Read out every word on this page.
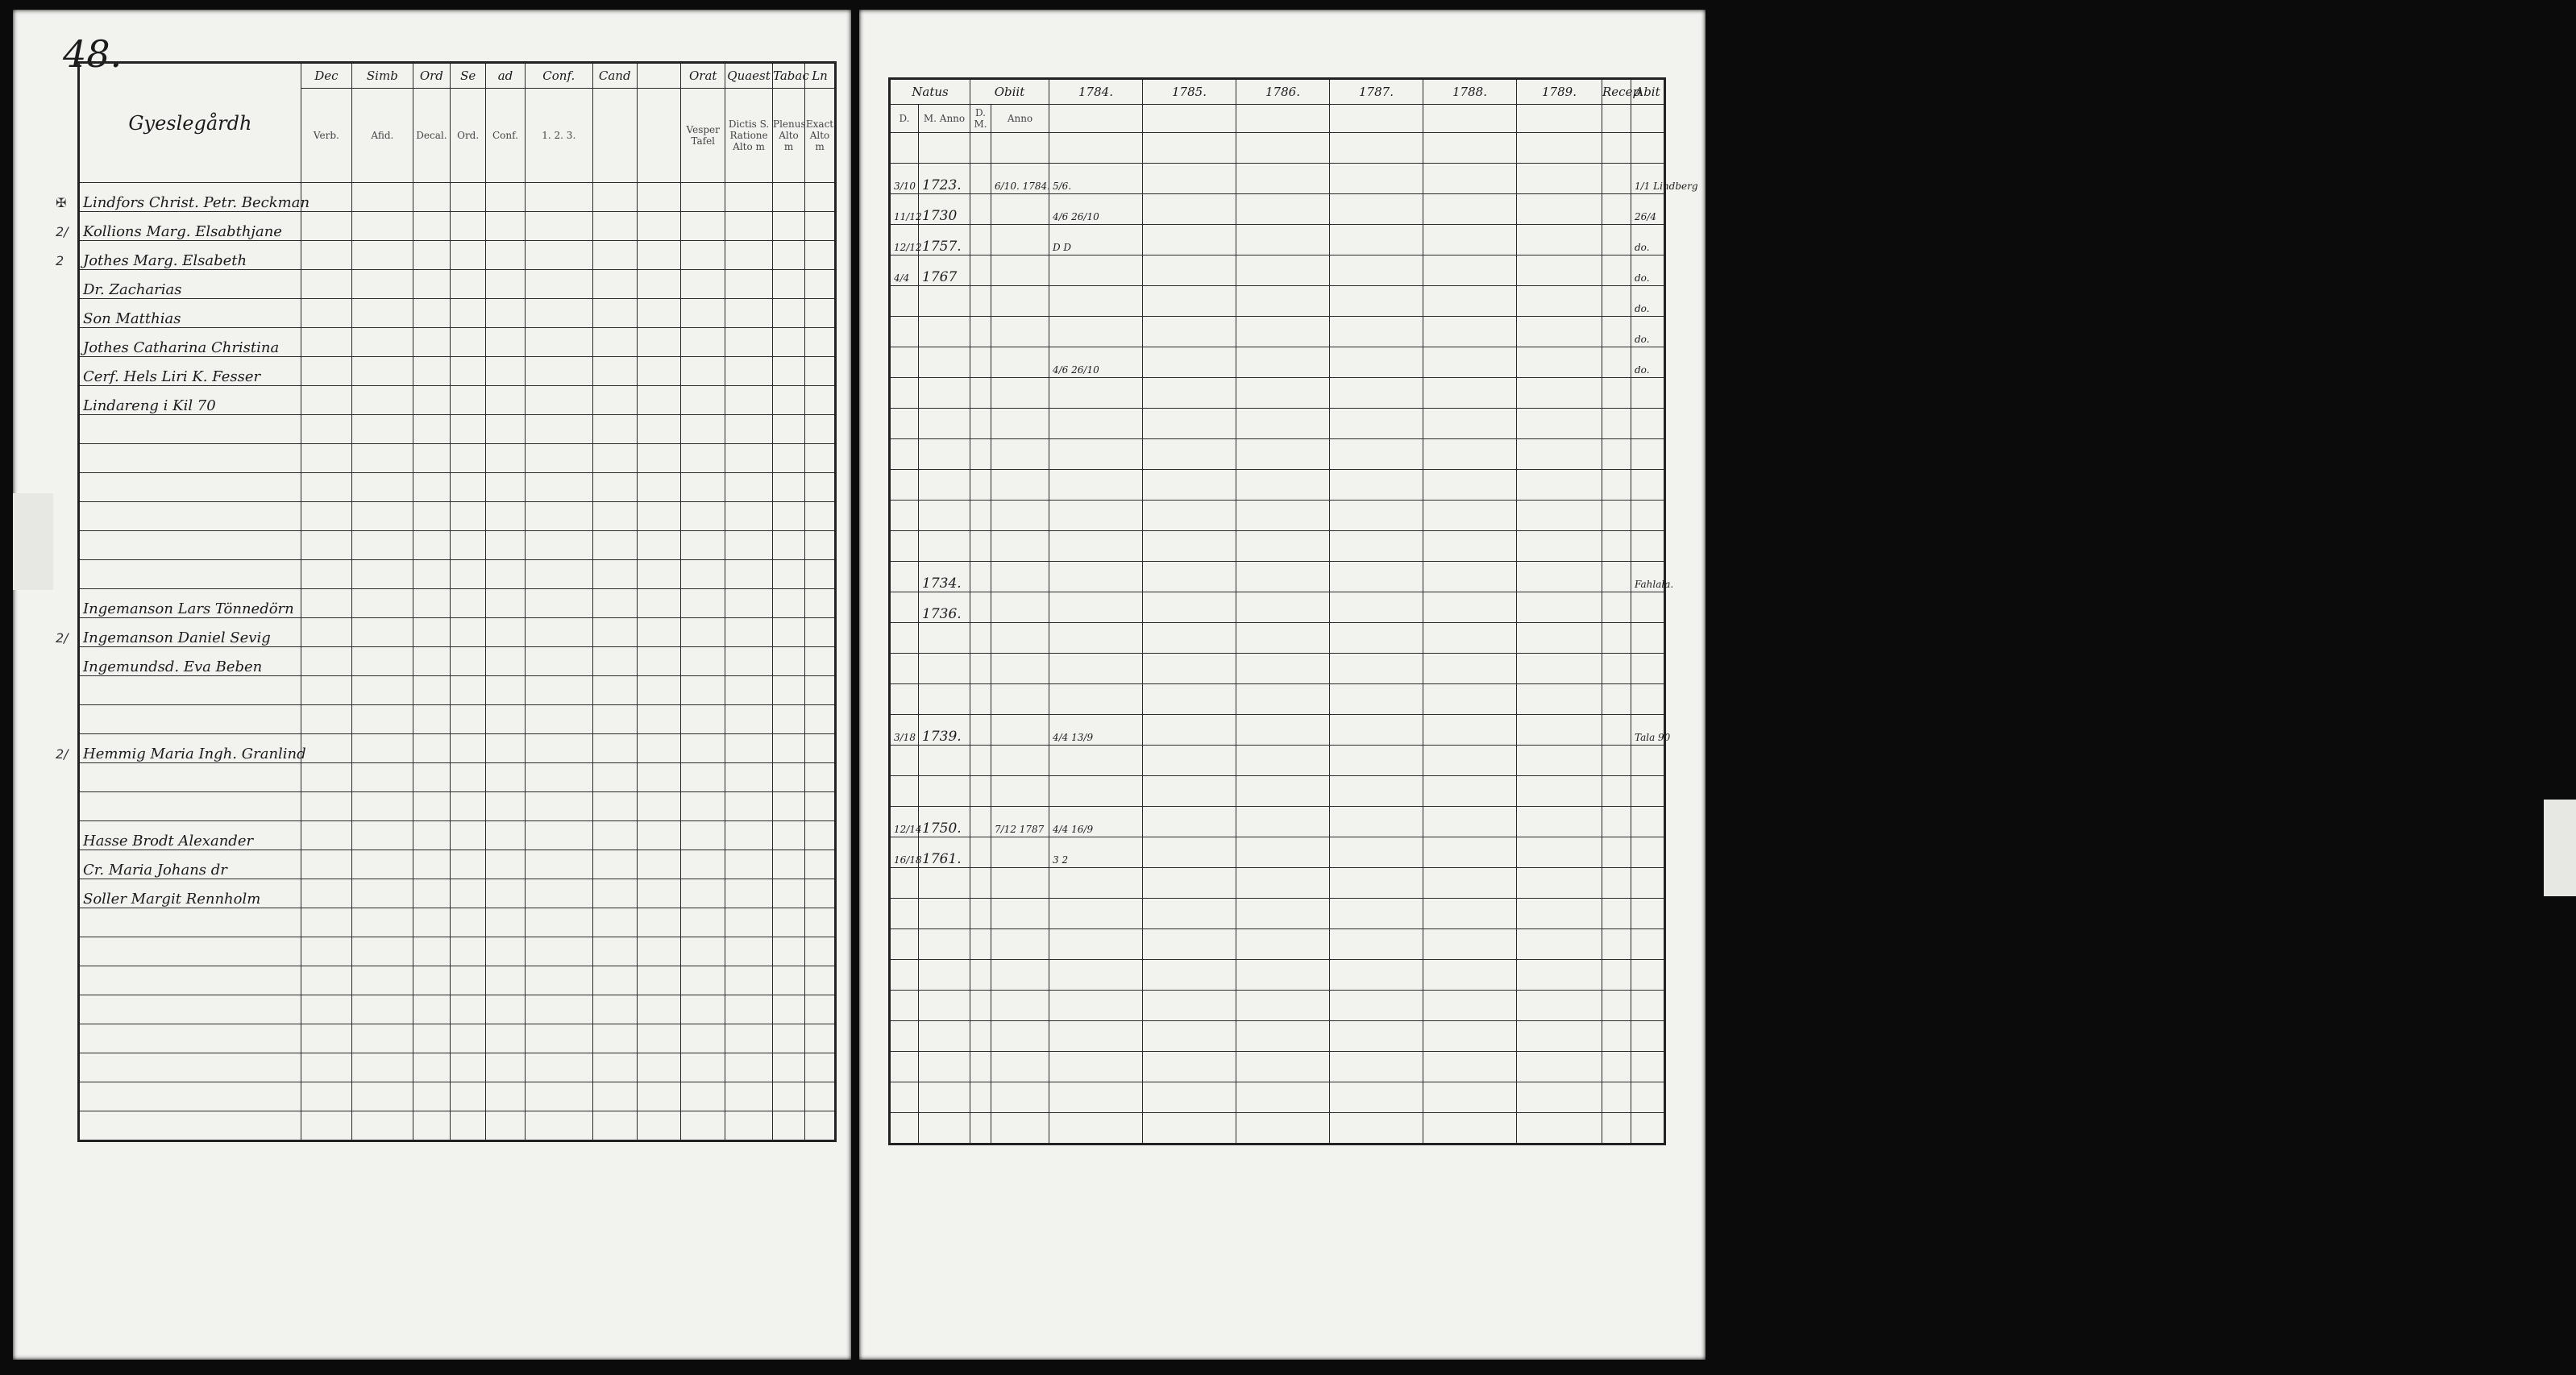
48.
Gyeslegårdh	Dec	Simb	Ord	Se	ad	Conf.	Cand		Orat	Quaest	Tabac	Ln
	Verb.	Afid.	Decal.	Ord.	Conf.	1. 2. 3.			Vesper Tafel	Dictis S. Ratione Alto m	Plenus Alto m	Exact Alto m
Lindfors Christ. Petr. Beckman												
Kollions Marg. Elsabthjane												
Jothes Marg. Elsabeth												
Dr. Zacharias												
Son Matthias												
Jothes Catharina Christina												
Cerf. Hels Liri K. Fesser												
Lindareng i Kil 70												

Ingemanson Lars Tönnedörn												
Ingemanson Daniel Sevig												
Ingemundsd. Eva Beben												

Hemmig Maria Ingh. Granlind												

Hasse Brodt Alexander												
Cr. Maria Johans dr												
Soller Margit Rennholm												

Natus		Obiit		1784.	1785.	1786.	1787.	1788.	1789.	Recep	Abit
D.	M. Anno	D. M.	Anno								

3/10	1723.		6/10. 1784.	5/6.							1/1 Lindberg
11/12	1730			4/6 26/10							26/4
12/12	1757.			D D							do.
4/4	1767										do.
											do.
											do.
				4/6 26/10							do.

	1734.										Fahlala.
	1736.										

3/18	1739.			4/4 13/9							Tala 90

12/14	1750.		7/12 1787	4/4 16/9							
16/18	1761.			3 2							
